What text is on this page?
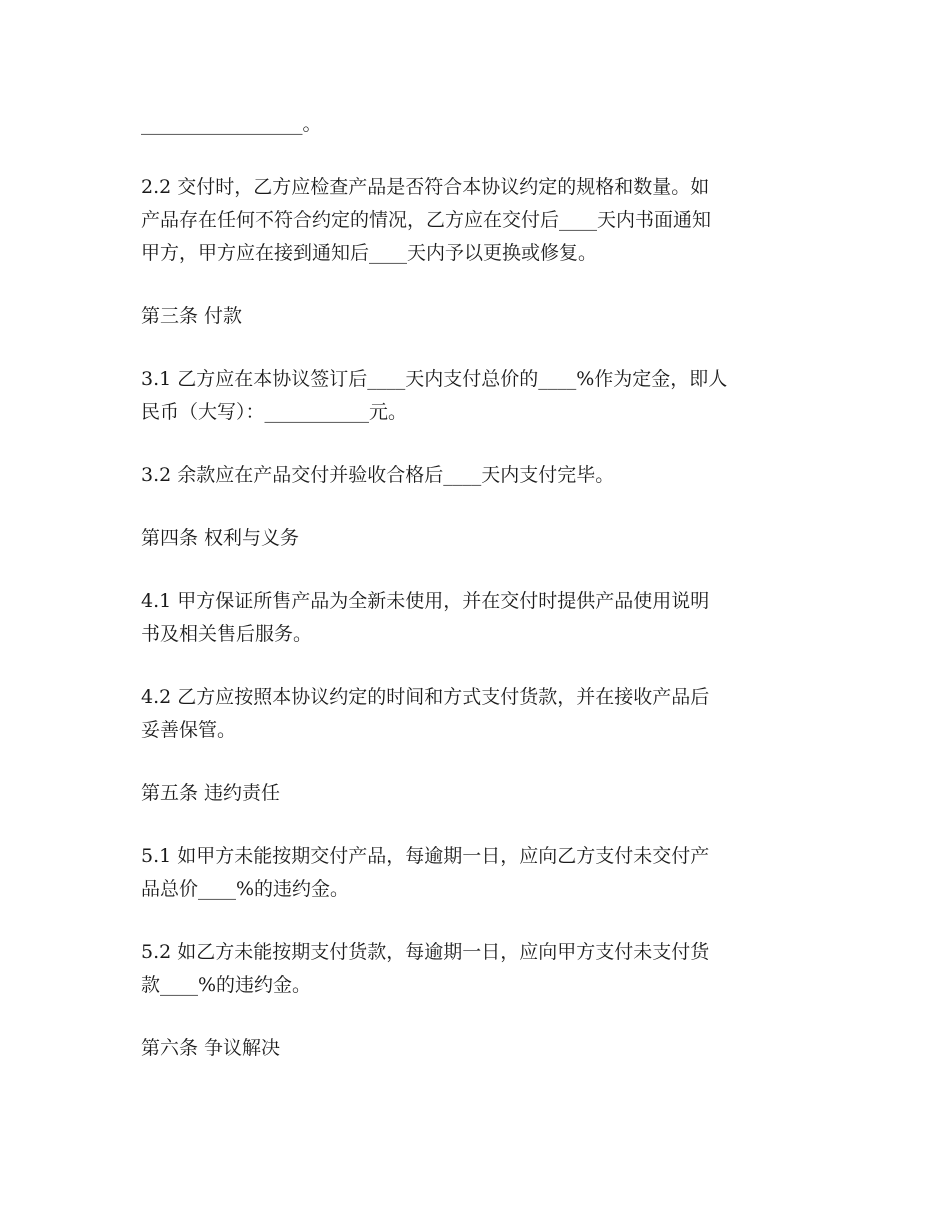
_________________。
2.2 交付时，乙方应检查产品是否符合本协议约定的规格和数量。如
产品存在任何不符合约定的情况，乙方应在交付后____天内书面通知
甲方，甲方应在接到通知后____天内予以更换或修复。
第三条 付款
3.1 乙方应在本协议签订后____天内支付总价的____%作为定金，即人
民币（大写）：___________元。
3.2 余款应在产品交付并验收合格后____天内支付完毕。
第四条 权利与义务
4.1 甲方保证所售产品为全新未使用，并在交付时提供产品使用说明
书及相关售后服务。
4.2 乙方应按照本协议约定的时间和方式支付货款，并在接收产品后
妥善保管。
第五条 违约责任
5.1 如甲方未能按期交付产品，每逾期一日，应向乙方支付未交付产
品总价____%的违约金。
5.2 如乙方未能按期支付货款，每逾期一日，应向甲方支付未支付货
款____%的违约金。
第六条 争议解决
